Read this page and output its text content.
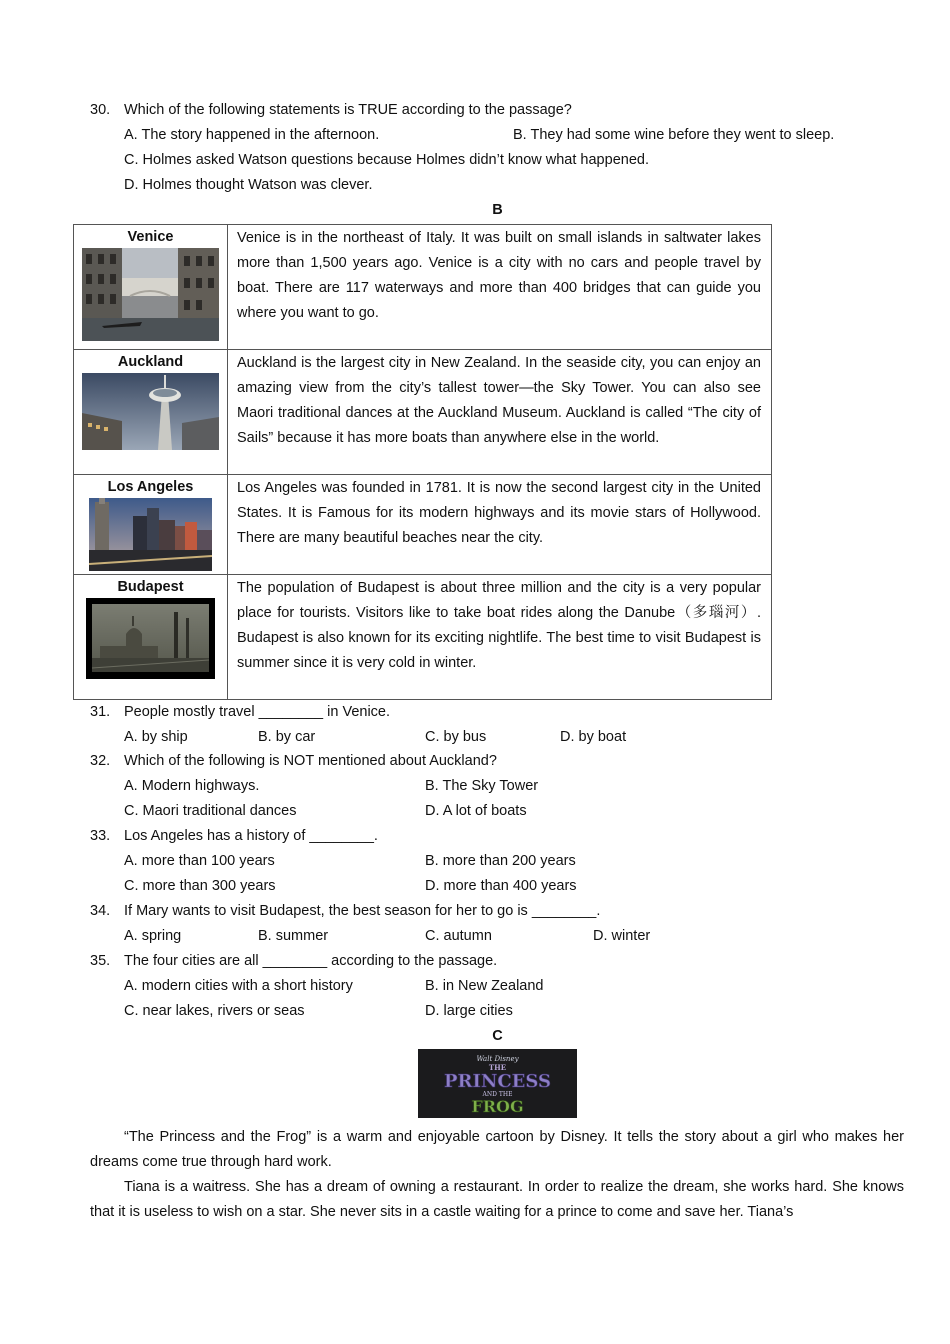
30. Which of the following statements is TRUE according to the passage?
A. The story happened in the afternoon.	B. They had some wine before they went to sleep.
C. Holmes asked Watson questions because Holmes didn’t know what happened.
D. Holmes thought Watson was clever.
B
Venice	Venice is in the northeast of Italy. It was built on small islands in saltwater lakes more than 1,500 years ago. Venice is a city with no cars and people travel by boat. There are 117 waterways and more than 400 bridges that can guide you where you want to go.

Auckland	Auckland is the largest city in New Zealand. In the seaside city, you can enjoy an amazing view from the city’s tallest tower—the Sky Tower. You can also see Maori traditional dances at the Auckland Museum. Auckland is called “The city of Sails” because it has more boats than anywhere else in the world.

Los Angeles	Los Angeles was founded in 1781. It is now the second largest city in the United States. It is Famous for its modern highways and its movie stars of Hollywood. There are many beautiful beaches near the city.

Budapest	The population of Budapest is about three million and the city is a very popular place for tourists. Visitors like to take boat rides along the Danube（多瑙河）. Budapest is also known for its exciting nightlife. The best time to visit Budapest is summer since it is very cold in winter.
31. People mostly travel ________ in Venice.
A. by ship	B. by car	C. by bus	D. by boat
32. Which of the following is NOT mentioned about Auckland?
A. Modern highways.	B. The Sky Tower
C. Maori traditional dances	D. A lot of boats
33. Los Angeles has a history of ________.
A. more than 100 years	B. more than 200 years
C. more than 300 years	D. more than 400 years
34. If Mary wants to visit Budapest, the best season for her to go is ________.
A. spring	B. summer	C. autumn	D. winter
35. The four cities are all ________ according to the passage.
A. modern cities with a short history	B. in New Zealand
C. near lakes, rivers or seas	D. large cities
C
Walt Disney
THE
PRINCESS
AND THE
FROG
“The Princess and the Frog” is a warm and enjoyable cartoon by Disney. It tells the story about a girl who makes her dreams come true through hard work.
Tiana is a waitress. She has a dream of owning a restaurant. In order to realize the dream, she works hard. She knows that it is useless to wish on a star. She never sits in a castle waiting for a prince to come and save her. Tiana’s
